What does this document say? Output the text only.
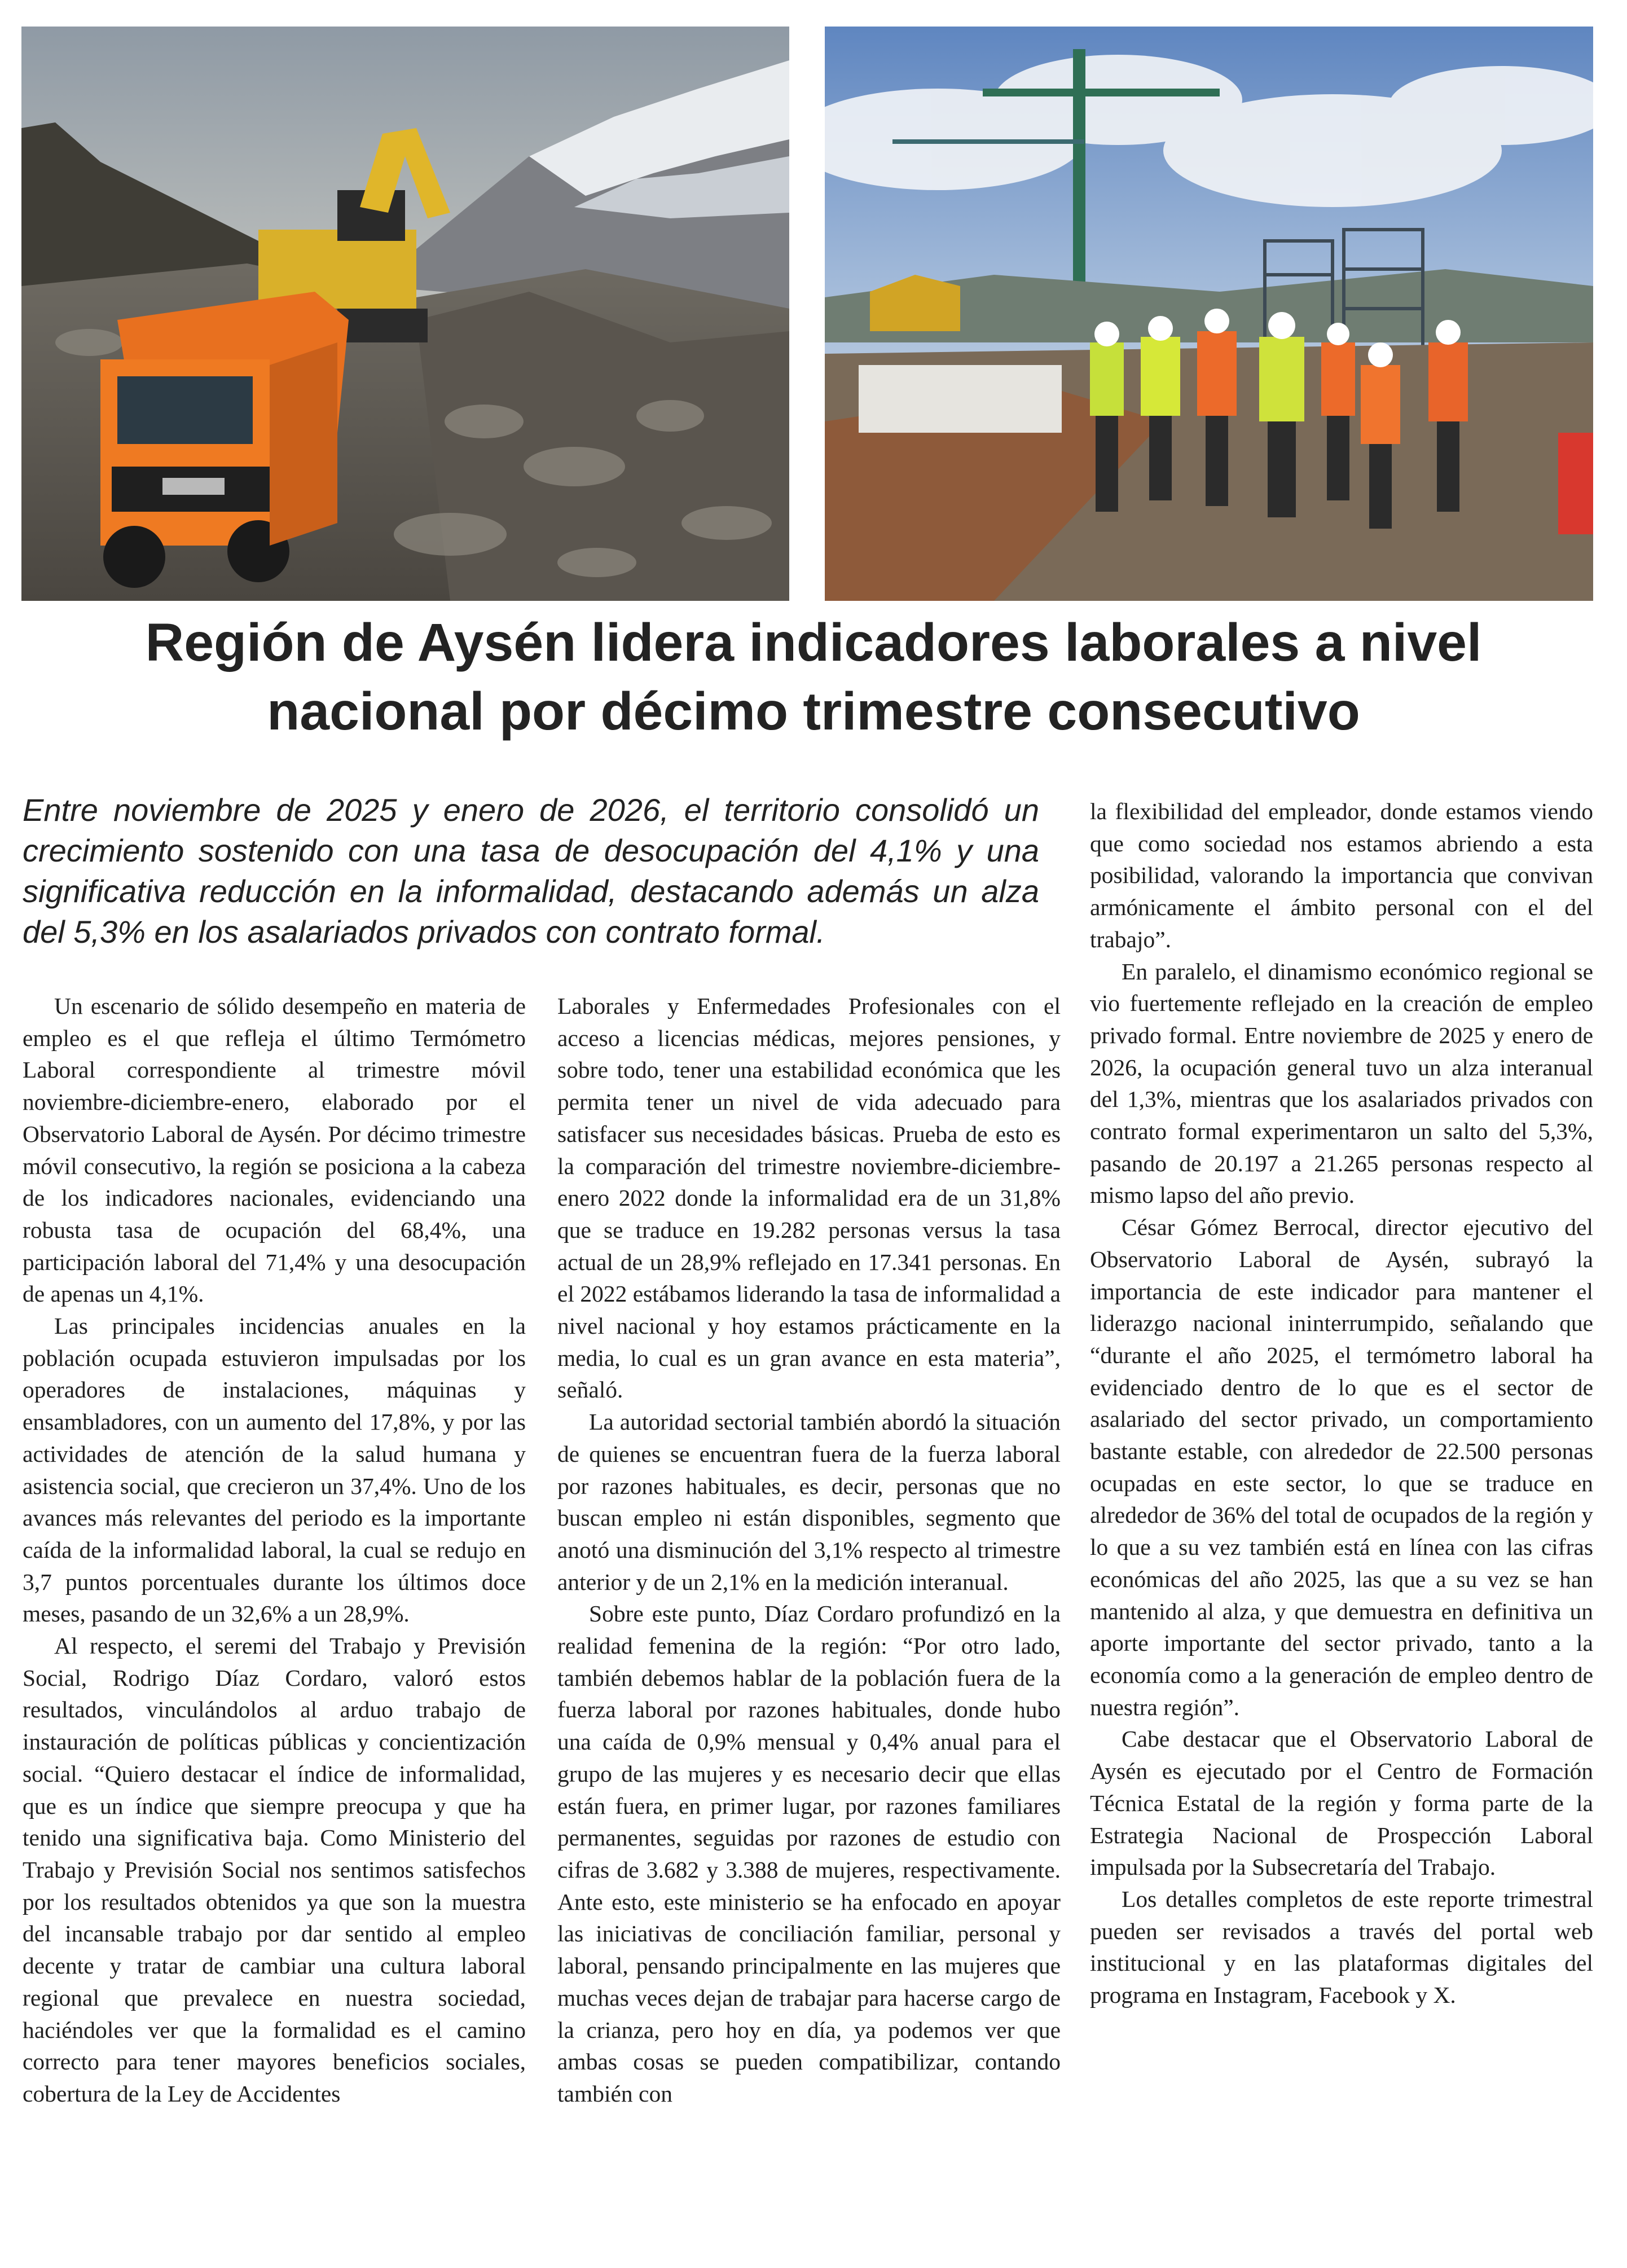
Región de Aysén lidera indicadores laborales a nivel
nacional por décimo trimestre consecutivo

Entre noviembre de 2025 y enero de 2026, el territorio consolidó un crecimiento sostenido con una tasa de desocupación del 4,1% y una significativa reducción en la informalidad, destacando además un alza del 5,3% en los asalariados privados con contrato formal.

Un escenario de sólido desempeño en materia de empleo es el que refleja el último Termómetro Laboral correspondiente al trimestre móvil noviembre-diciembre-enero, elaborado por el Observatorio Laboral de Aysén. Por décimo trimestre móvil consecutivo, la región se posiciona a la cabeza de los indicadores nacionales, evidenciando una robusta tasa de ocupación del 68,4%, una participación laboral del 71,4% y una desocupación de apenas un 4,1%.

Las principales incidencias anuales en la población ocupada estuvieron impulsadas por los operadores de instalaciones, máquinas y ensambladores, con un aumento del 17,8%, y por las actividades de atención de la salud humana y asistencia social, que crecieron un 37,4%. Uno de los avances más relevantes del periodo es la importante caída de la informalidad laboral, la cual se redujo en 3,7 puntos porcentuales durante los últimos doce meses, pasando de un 32,6% a un 28,9%.

Al respecto, el seremi del Trabajo y Previsión Social, Rodrigo Díaz Cordaro, valoró estos resultados, vinculándolos al arduo trabajo de instauración de políticas públicas y concientización social. “Quiero destacar el índice de informalidad, que es un índice que siempre preocupa y que ha tenido una significativa baja. Como Ministerio del Trabajo y Previsión Social nos sentimos satisfechos por los resultados obtenidos ya que son la muestra del incansable trabajo por dar sentido al empleo decente y tratar de cambiar una cultura laboral regional que prevalece en nuestra sociedad, haciéndoles ver que la formalidad es el camino correcto para tener mayores beneficios sociales, cobertura de la Ley de Accidentes

Laborales y Enfermedades Profesionales con el acceso a licencias médicas, mejores pensiones, y sobre todo, tener una estabilidad económica que les permita tener un nivel de vida adecuado para satisfacer sus necesidades básicas. Prueba de esto es la comparación del trimestre noviembre-diciembre-enero 2022 donde la informalidad era de un 31,8% que se traduce en 19.282 personas versus la tasa actual de un 28,9% reflejado en 17.341 personas. En el 2022 estábamos liderando la tasa de informalidad a nivel nacional y hoy estamos prácticamente en la media, lo cual es un gran avance en esta materia”, señaló.

La autoridad sectorial también abordó la situación de quienes se encuentran fuera de la fuerza laboral por razones habituales, es decir, personas que no buscan empleo ni están disponibles, segmento que anotó una disminución del 3,1% respecto al trimestre anterior y de un 2,1% en la medición interanual.

Sobre este punto, Díaz Cordaro profundizó en la realidad femenina de la región: “Por otro lado, también debemos hablar de la población fuera de la fuerza laboral por razones habituales, donde hubo una caída de 0,9% mensual y 0,4% anual para el grupo de las mujeres y es necesario decir que ellas están fuera, en primer lugar, por razones familiares permanentes, seguidas por razones de estudio con cifras de 3.682 y 3.388 de mujeres, respectivamente. Ante esto, este ministerio se ha enfocado en apoyar las iniciativas de conciliación familiar, personal y laboral, pensando principalmente en las mujeres que muchas veces dejan de trabajar para hacerse cargo de la crianza, pero hoy en día, ya podemos ver que ambas cosas se pueden compatibilizar, contando también con

la flexibilidad del empleador, donde estamos viendo que como sociedad nos estamos abriendo a esta posibilidad, valorando la importancia que convivan armónicamente el ámbito personal con el del trabajo”.

En paralelo, el dinamismo económico regional se vio fuertemente reflejado en la creación de empleo privado formal. Entre noviembre de 2025 y enero de 2026, la ocupación general tuvo un alza interanual del 1,3%, mientras que los asalariados privados con contrato formal experimentaron un salto del 5,3%, pasando de 20.197 a 21.265 personas respecto al mismo lapso del año previo.

César Gómez Berrocal, director ejecutivo del Observatorio Laboral de Aysén, subrayó la importancia de este indicador para mantener el liderazgo nacional ininterrumpido, señalando que “durante el año 2025, el termómetro laboral ha evidenciado dentro de lo que es el sector de asalariado del sector privado, un comportamiento bastante estable, con alrededor de 22.500 personas ocupadas en este sector, lo que se traduce en alrededor de 36% del total de ocupados de la región y lo que a su vez también está en línea con las cifras económicas del año 2025, las que a su vez se han mantenido al alza, y que demuestra en definitiva un aporte importante del sector privado, tanto a la economía como a la generación de empleo dentro de nuestra región”.

Cabe destacar que el Observatorio Laboral de Aysén es ejecutado por el Centro de Formación Técnica Estatal de la región y forma parte de la Estrategia Nacional de Prospección Laboral impulsada por la Subsecretaría del Trabajo.

Los detalles completos de este reporte trimestral pueden ser revisados a través del portal web institucional y en las plataformas digitales del programa en Instagram, Facebook y X.
